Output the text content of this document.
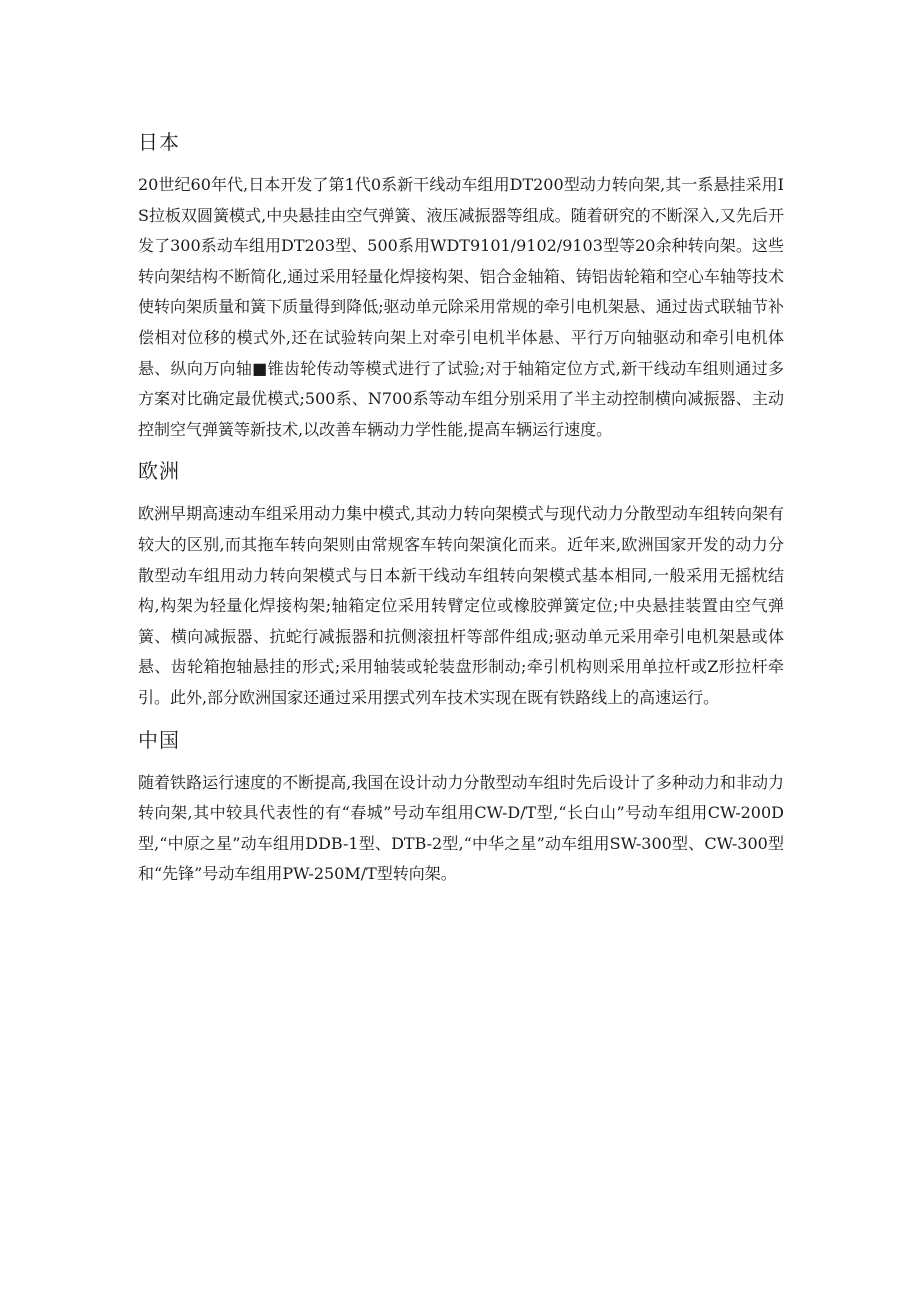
日本

20世纪60年代,日本开发了第1代0系新干线动车组用DT200型动力转向架,其一系悬挂采用IS拉板双圆簧模式,中央悬挂由空气弹簧、液压减振器等组成。随着研究的不断深入,又先后开发了300系动车组用DT203型、500系用WDT9101/9102/9103型等20余种转向架。这些转向架结构不断简化,通过采用轻量化焊接构架、铝合金轴箱、铸铝齿轮箱和空心车轴等技术使转向架质量和簧下质量得到降低;驱动单元除采用常规的牵引电机架悬、通过齿式联轴节补偿相对位移的模式外,还在试验转向架上对牵引电机半体悬、平行万向轴驱动和牵引电机体悬、纵向万向轴■锥齿轮传动等模式进行了试验;对于轴箱定位方式,新干线动车组则通过多方案对比确定最优模式;500系、N700系等动车组分别采用了半主动控制横向减振器、主动控制空气弹簧等新技术,以改善车辆动力学性能,提高车辆运行速度。

欧洲

欧洲早期高速动车组采用动力集中模式,其动力转向架模式与现代动力分散型动车组转向架有较大的区别,而其拖车转向架则由常规客车转向架演化而来。近年来,欧洲国家开发的动力分散型动车组用动力转向架模式与日本新干线动车组转向架模式基本相同,一般采用无摇枕结构,构架为轻量化焊接构架;轴箱定位采用转臂定位或橡胶弹簧定位;中央悬挂装置由空气弹簧、横向减振器、抗蛇行减振器和抗侧滚扭杆等部件组成;驱动单元采用牵引电机架悬或体悬、齿轮箱抱轴悬挂的形式;采用轴装或轮装盘形制动;牵引机构则采用单拉杆或Z形拉杆牵引。此外,部分欧洲国家还通过采用摆式列车技术实现在既有铁路线上的高速运行。

中国

随着铁路运行速度的不断提高,我国在设计动力分散型动车组时先后设计了多种动力和非动力转向架,其中较具代表性的有“春城”号动车组用CW-D/T型,“长白山”号动车组用CW-200D型,“中原之星”动车组用DDB-1型、DTB-2型,“中华之星”动车组用SW-300型、CW-300型和“先锋”号动车组用PW-250M/T型转向架。
